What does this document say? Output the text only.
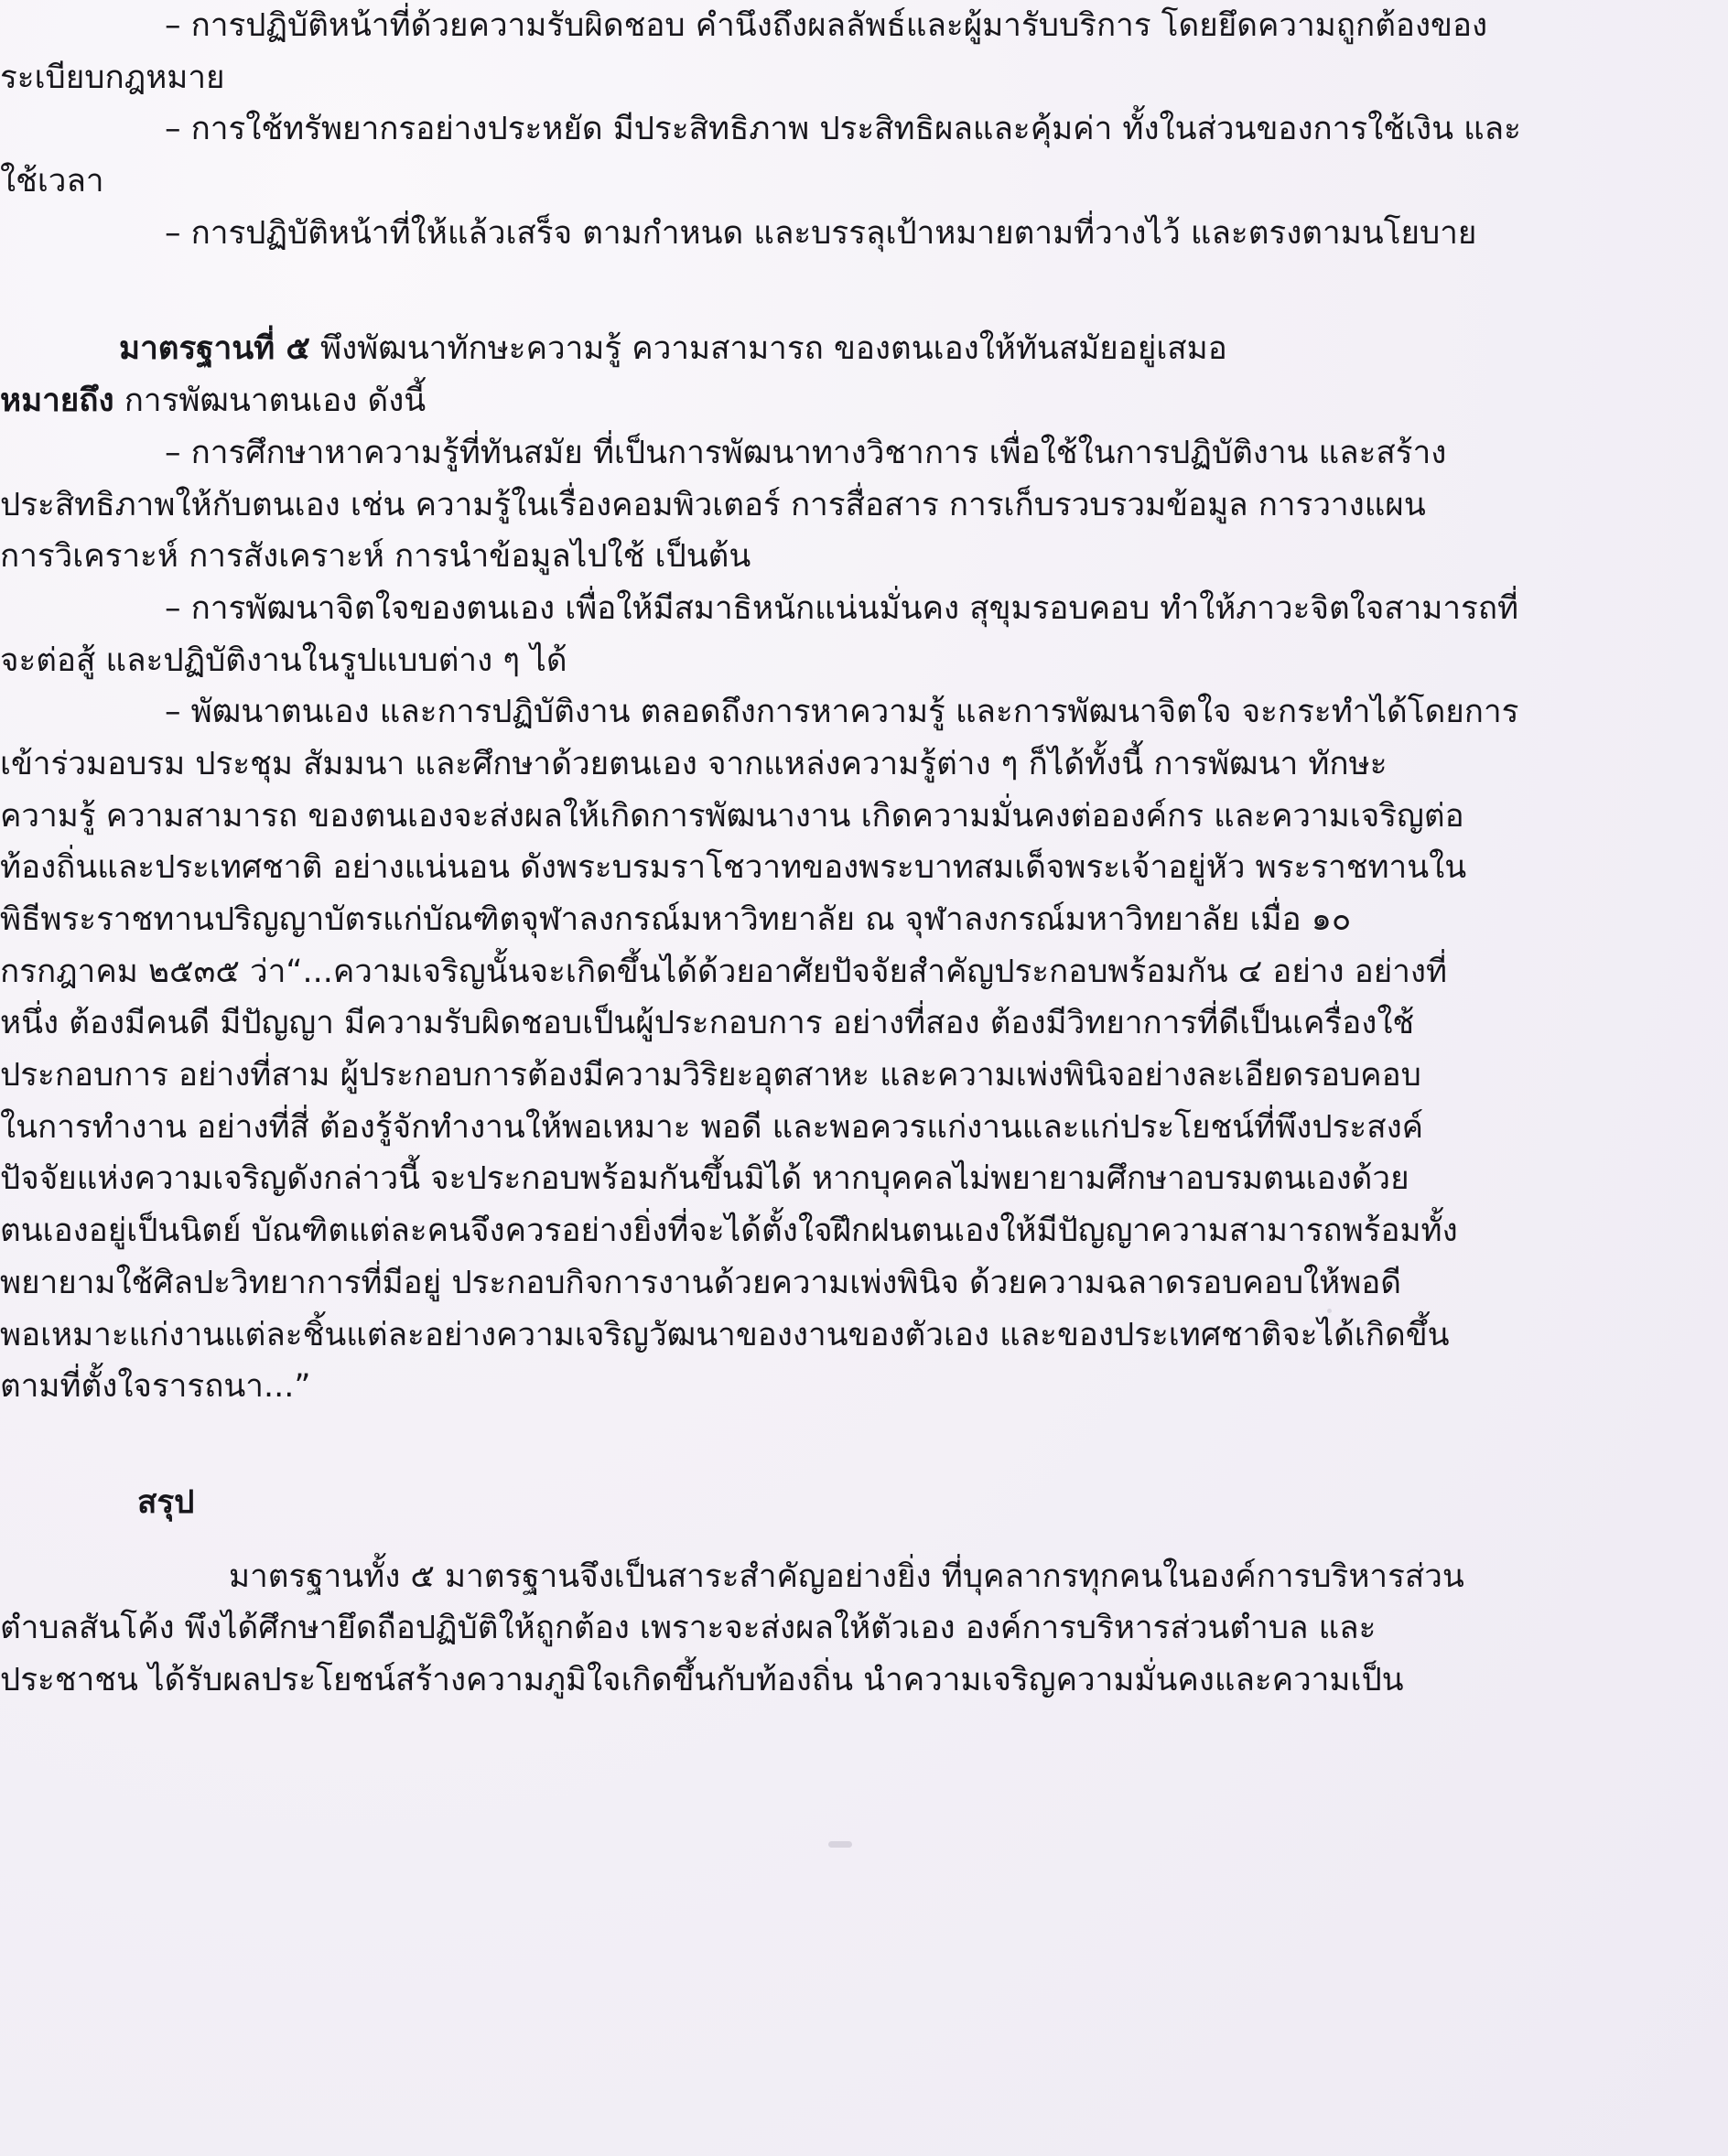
– การปฏิบัติหน้าที่ด้วยความรับผิดชอบ คำนึงถึงผลลัพธ์และผู้มารับบริการ โดยยึดความถูกต้องของ

ระเบียบกฎหมาย

– การใช้ทรัพยากรอย่างประหยัด มีประสิทธิภาพ ประสิทธิผลและคุ้มค่า ทั้งในส่วนของการใช้เงิน และ

ใช้เวลา

– การปฏิบัติหน้าที่ให้แล้วเสร็จ ตามกำหนด และบรรลุเป้าหมายตามที่วางไว้ และตรงตามนโยบาย

มาตรฐานที่ ๕ พึงพัฒนาทักษะความรู้ ความสามารถ ของตนเองให้ทันสมัยอยู่เสมอ

หมายถึง การพัฒนาตนเอง ดังนี้

– การศึกษาหาความรู้ที่ทันสมัย ที่เป็นการพัฒนาทางวิชาการ เพื่อใช้ในการปฏิบัติงาน และสร้าง

ประสิทธิภาพให้กับตนเอง เช่น ความรู้ในเรื่องคอมพิวเตอร์ การสื่อสาร การเก็บรวบรวมข้อมูล การวางแผน

การวิเคราะห์ การสังเคราะห์ การนำข้อมูลไปใช้ เป็นต้น

– การพัฒนาจิตใจของตนเอง เพื่อให้มีสมาธิหนักแน่นมั่นคง สุขุมรอบคอบ ทำให้ภาวะจิตใจสามารถที่

จะต่อสู้ และปฏิบัติงานในรูปแบบต่าง ๆ ได้

– พัฒนาตนเอง และการปฏิบัติงาน ตลอดถึงการหาความรู้ และการพัฒนาจิตใจ จะกระทำได้โดยการ

เข้าร่วมอบรม ประชุม สัมมนา และศึกษาด้วยตนเอง จากแหล่งความรู้ต่าง ๆ ก็ได้ทั้งนี้ การพัฒนา ทักษะ

ความรู้ ความสามารถ ของตนเองจะส่งผลให้เกิดการพัฒนางาน เกิดความมั่นคงต่อองค์กร และความเจริญต่อ

ท้องถิ่นและประเทศชาติ อย่างแน่นอน ดังพระบรมราโชวาทของพระบาทสมเด็จพระเจ้าอยู่หัว พระราชทานใน

พิธีพระราชทานปริญญาบัตรแก่บัณฑิตจุฬาลงกรณ์มหาวิทยาลัย ณ จุฬาลงกรณ์มหาวิทยาลัย เมื่อ ๑๐

กรกฎาคม ๒๕๓๕ ว่า“...ความเจริญนั้นจะเกิดขึ้นได้ด้วยอาศัยปัจจัยสำคัญประกอบพร้อมกัน ๔ อย่าง อย่างที่

หนึ่ง ต้องมีคนดี มีปัญญา มีความรับผิดชอบเป็นผู้ประกอบการ อย่างที่สอง ต้องมีวิทยาการที่ดีเป็นเครื่องใช้

ประกอบการ อย่างที่สาม ผู้ประกอบการต้องมีความวิริยะอุตสาหะ และความเพ่งพินิจอย่างละเอียดรอบคอบ

ในการทำงาน อย่างที่สี่ ต้องรู้จักทำงานให้พอเหมาะ พอดี และพอควรแก่งานและแก่ประโยชน์ที่พึงประสงค์

ปัจจัยแห่งความเจริญดังกล่าวนี้ จะประกอบพร้อมกันขึ้นมิได้ หากบุคคลไม่พยายามศึกษาอบรมตนเองด้วย

ตนเองอยู่เป็นนิตย์ บัณฑิตแต่ละคนจึงควรอย่างยิ่งที่จะได้ตั้งใจฝึกฝนตนเองให้มีปัญญาความสามารถพร้อมทั้ง

พยายามใช้ศิลปะวิทยาการที่มีอยู่ ประกอบกิจการงานด้วยความเพ่งพินิจ ด้วยความฉลาดรอบคอบให้พอดี

พอเหมาะแก่งานแต่ละชิ้นแต่ละอย่างความเจริญวัฒนาของงานของตัวเอง และของประเทศชาติจะได้เกิดขึ้น

ตามที่ตั้งใจรารถนา...”

สรุป

มาตรฐานทั้ง ๕ มาตรฐานจึงเป็นสาระสำคัญอย่างยิ่ง ที่บุคลากรทุกคนในองค์การบริหารส่วน

ตำบลสันโค้ง พึงได้ศึกษายึดถือปฏิบัติให้ถูกต้อง เพราะจะส่งผลให้ตัวเอง องค์การบริหารส่วนตำบล และ

ประชาชน ได้รับผลประโยชน์สร้างความภูมิใจเกิดขึ้นกับท้องถิ่น นำความเจริญความมั่นคงและความเป็น
